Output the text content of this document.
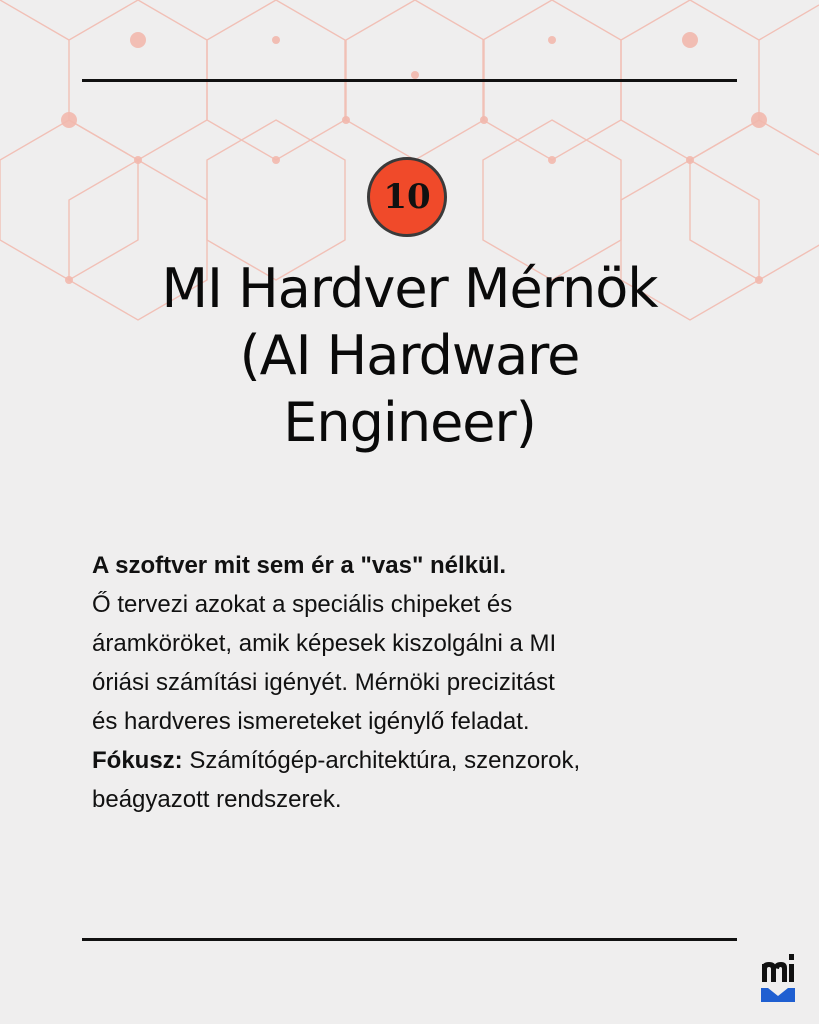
10
MI Hardver Mérnök
(AI Hardware
Engineer)

A szoftver mit sem ér a "vas" nélkül.

Ő tervezi azokat a speciális chipeket és
áramköröket, amik képesek kiszolgálni a MI
óriási számítási igényét. Mérnöki precizitást
és hardveres ismereteket igénylő feladat.
Fókusz: Számítógép-architektúra, szenzorok,
beágyazott rendszerek.
